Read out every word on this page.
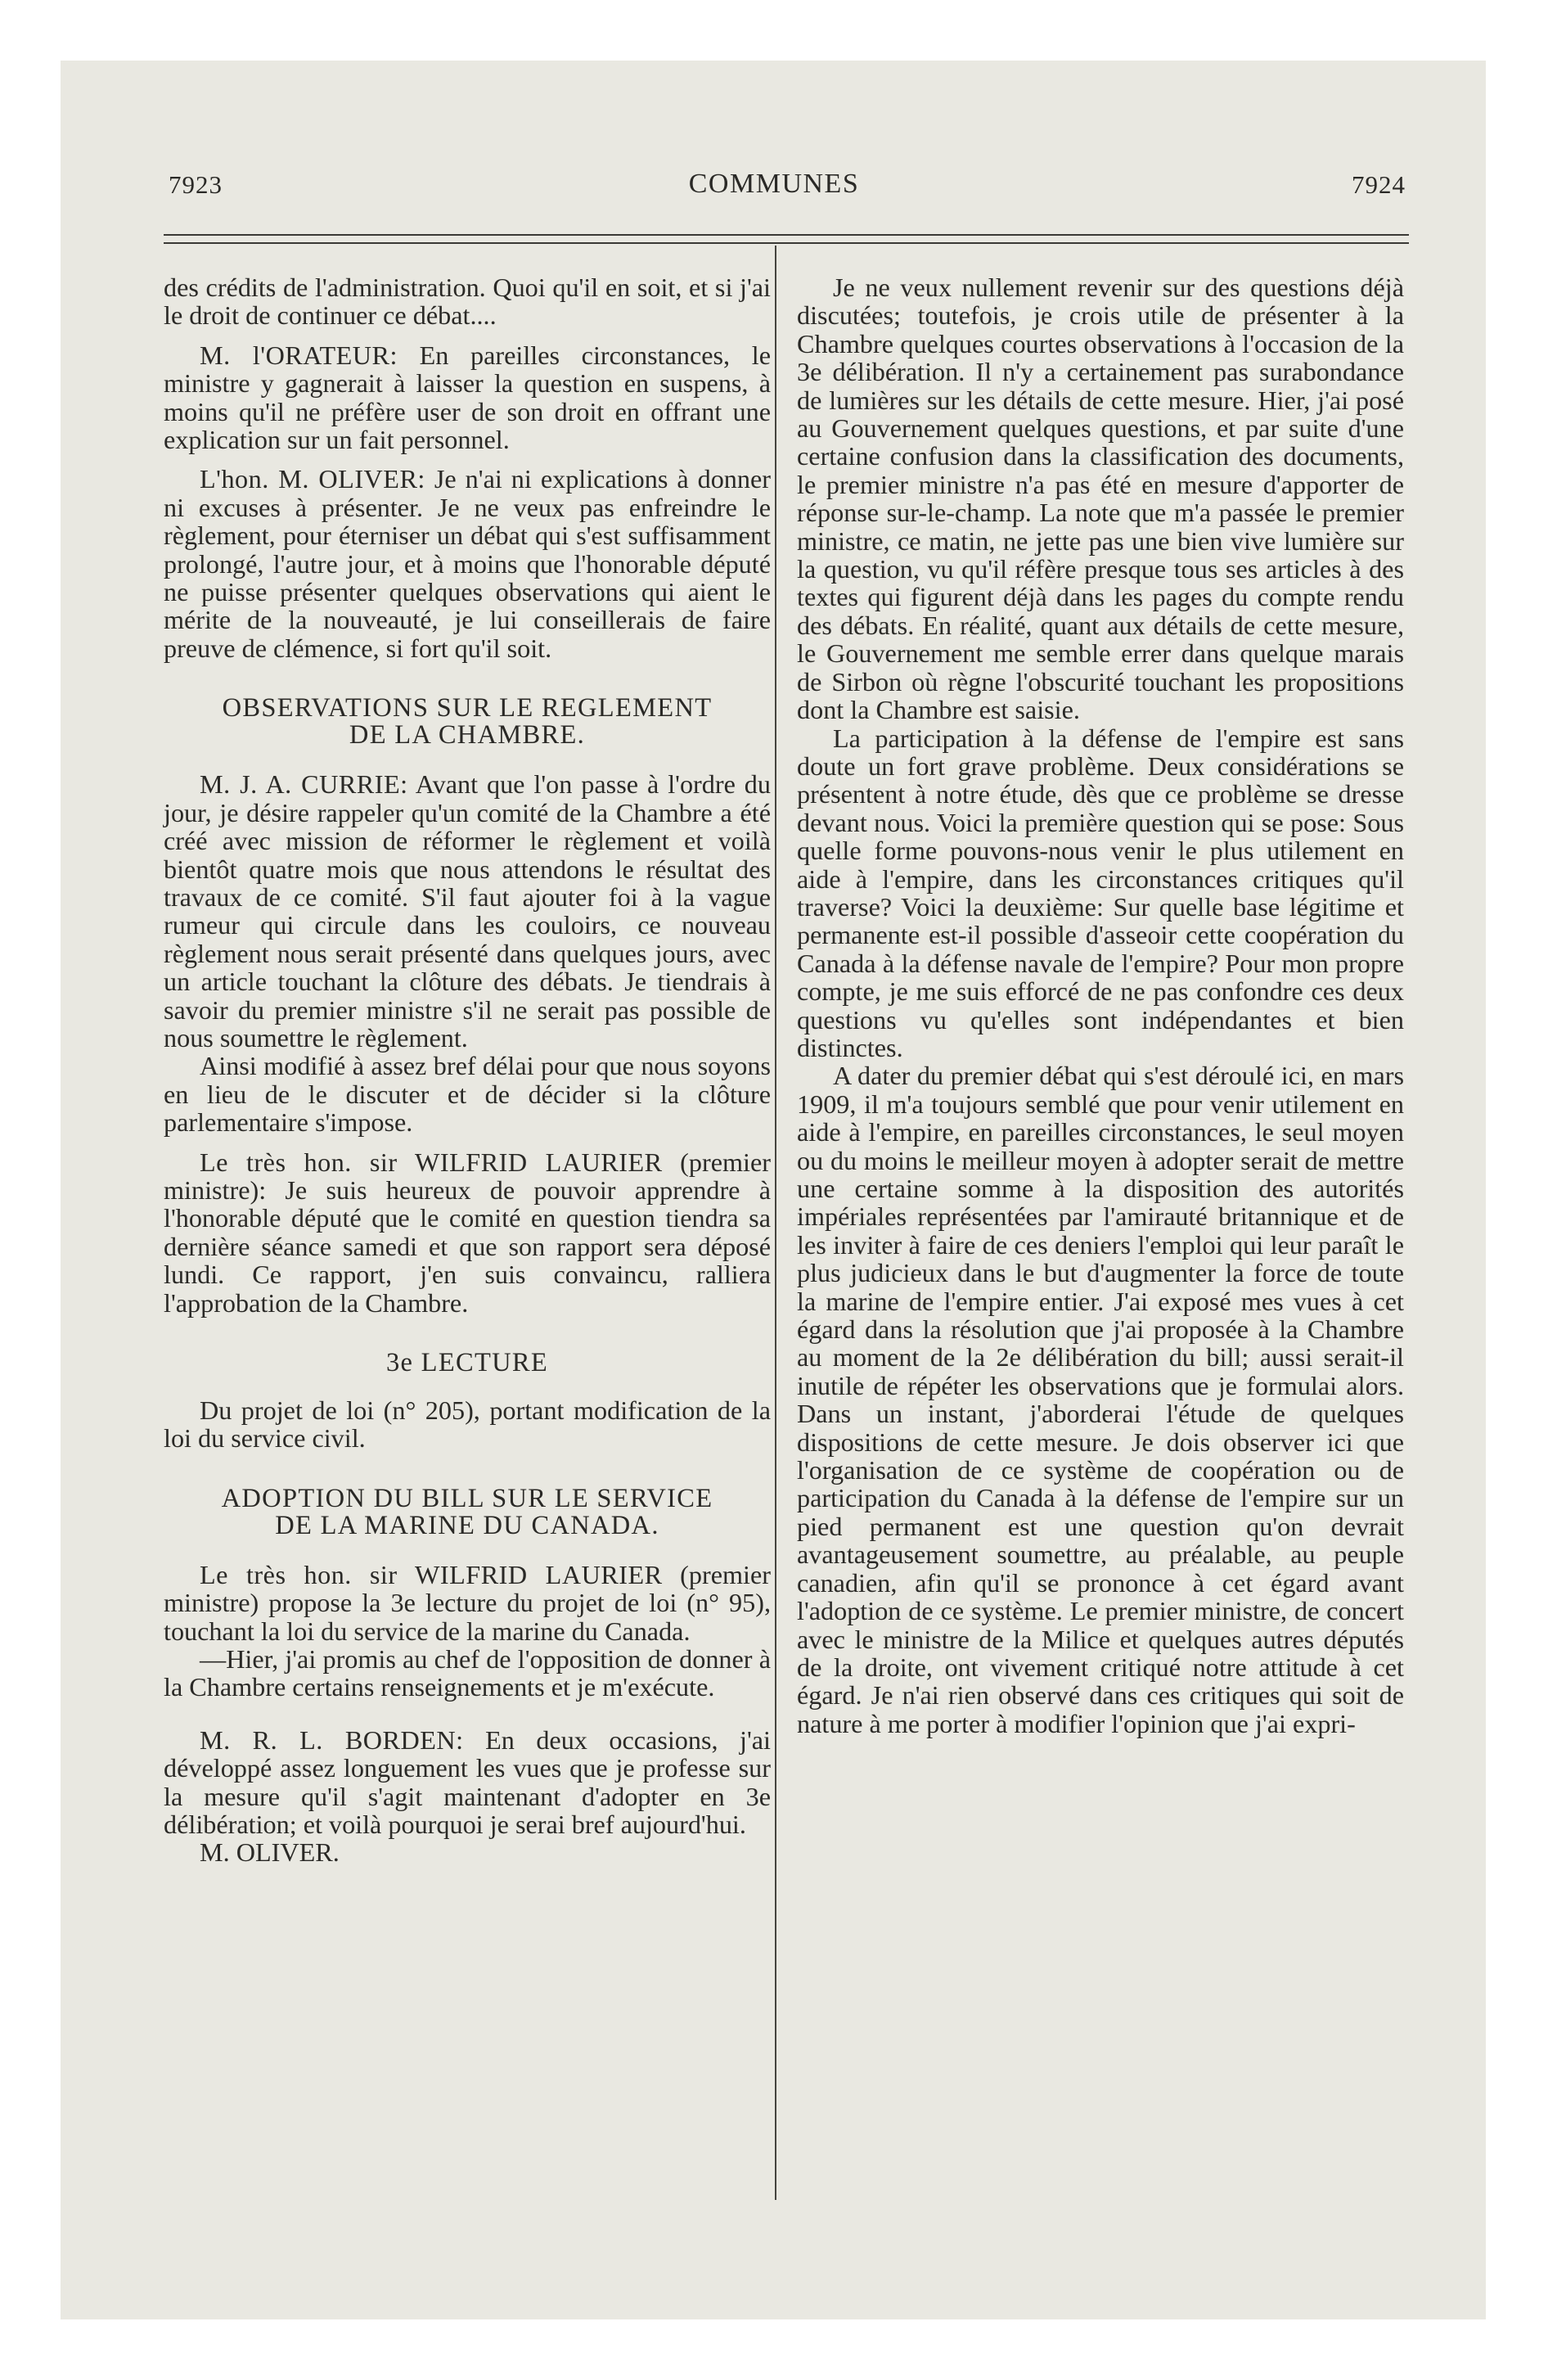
7923	COMMUNES	7924

des crédits de l'administration. Quoi qu'il en soit, et si j'ai le droit de continuer ce débat....

M. l'ORATEUR: En pareilles circonstances, le ministre y gagnerait à laisser la question en suspens, à moins qu'il ne préfère user de son droit en offrant une explication sur un fait personnel.

L'hon. M. OLIVER: Je n'ai ni explications à donner ni excuses à présenter. Je ne veux pas enfreindre le règlement, pour éterniser un débat qui s'est suffisamment prolongé, l'autre jour, et à moins que l'honorable député ne puisse présenter quelques observations qui aient le mérite de la nouveauté, je lui conseillerais de faire preuve de clémence, si fort qu'il soit.

OBSERVATIONS SUR LE REGLEMENT
DE LA CHAMBRE.

M. J. A. CURRIE: Avant que l'on passe à l'ordre du jour, je désire rappeler qu'un comité de la Chambre a été créé avec mission de réformer le règlement et voilà bientôt quatre mois que nous attendons le résultat des travaux de ce comité. S'il faut ajouter foi à la vague rumeur qui circule dans les couloirs, ce nouveau règlement nous serait présenté dans quelques jours, avec un article touchant la clôture des débats. Je tiendrais à savoir du premier ministre s'il ne serait pas possible de nous soumettre le règlement.

Ainsi modifié à assez bref délai pour que nous soyons en lieu de le discuter et de décider si la clôture parlementaire s'impose.

Le très hon. sir WILFRID LAURIER (premier ministre): Je suis heureux de pouvoir apprendre à l'honorable député que le comité en question tiendra sa dernière séance samedi et que son rapport sera déposé lundi. Ce rapport, j'en suis convaincu, ralliera l'approbation de la Chambre.

3e LECTURE

Du projet de loi (n° 205), portant modification de la loi du service civil.

ADOPTION DU BILL SUR LE SERVICE
DE LA MARINE DU CANADA.

Le très hon. sir WILFRID LAURIER (premier ministre) propose la 3e lecture du projet de loi (n° 95), touchant la loi du service de la marine du Canada.

—Hier, j'ai promis au chef de l'opposition de donner à la Chambre certains renseignements et je m'exécute.

M. R. L. BORDEN: En deux occasions, j'ai développé assez longuement les vues que je professe sur la mesure qu'il s'agit maintenant d'adopter en 3e délibération; et voilà pourquoi je serai bref aujourd'hui.

M. OLIVER.

Je ne veux nullement revenir sur des questions déjà discutées; toutefois, je crois utile de présenter à la Chambre quelques courtes observations à l'occasion de la 3e délibération. Il n'y a certainement pas surabondance de lumières sur les détails de cette mesure. Hier, j'ai posé au Gouvernement quelques questions, et par suite d'une certaine confusion dans la classification des documents, le premier ministre n'a pas été en mesure d'apporter de réponse sur-le-champ. La note que m'a passée le premier ministre, ce matin, ne jette pas une bien vive lumière sur la question, vu qu'il réfère presque tous ses articles à des textes qui figurent déjà dans les pages du compte rendu des débats. En réalité, quant aux détails de cette mesure, le Gouvernement me semble errer dans quelque marais de Sirbon où règne l'obscurité touchant les propositions dont la Chambre est saisie.

La participation à la défense de l'empire est sans doute un fort grave problème. Deux considérations se présentent à notre étude, dès que ce problème se dresse devant nous. Voici la première question qui se pose: Sous quelle forme pouvons-nous venir le plus utilement en aide à l'empire, dans les circonstances critiques qu'il traverse? Voici la deuxième: Sur quelle base légitime et permanente est-il possible d'asseoir cette coopération du Canada à la défense navale de l'empire? Pour mon propre compte, je me suis efforcé de ne pas confondre ces deux questions vu qu'elles sont indépendantes et bien distinctes.

A dater du premier débat qui s'est déroulé ici, en mars 1909, il m'a toujours semblé que pour venir utilement en aide à l'empire, en pareilles circonstances, le seul moyen ou du moins le meilleur moyen à adopter serait de mettre une certaine somme à la disposition des autorités impériales représentées par l'amirauté britannique et de les inviter à faire de ces deniers l'emploi qui leur paraît le plus judicieux dans le but d'augmenter la force de toute la marine de l'empire entier. J'ai exposé mes vues à cet égard dans la résolution que j'ai proposée à la Chambre au moment de la 2e délibération du bill; aussi serait-il inutile de répéter les observations que je formulai alors. Dans un instant, j'aborderai l'étude de quelques dispositions de cette mesure. Je dois observer ici que l'organisation de ce système de coopération ou de participation du Canada à la défense de l'empire sur un pied permanent est une question qu'on devrait avantageusement soumettre, au préalable, au peuple canadien, afin qu'il se prononce à cet égard avant l'adoption de ce système. Le premier ministre, de concert avec le ministre de la Milice et quelques autres députés de la droite, ont vivement critiqué notre attitude à cet égard. Je n'ai rien observé dans ces critiques qui soit de nature à me porter à modifier l'opinion que j'ai expri-
